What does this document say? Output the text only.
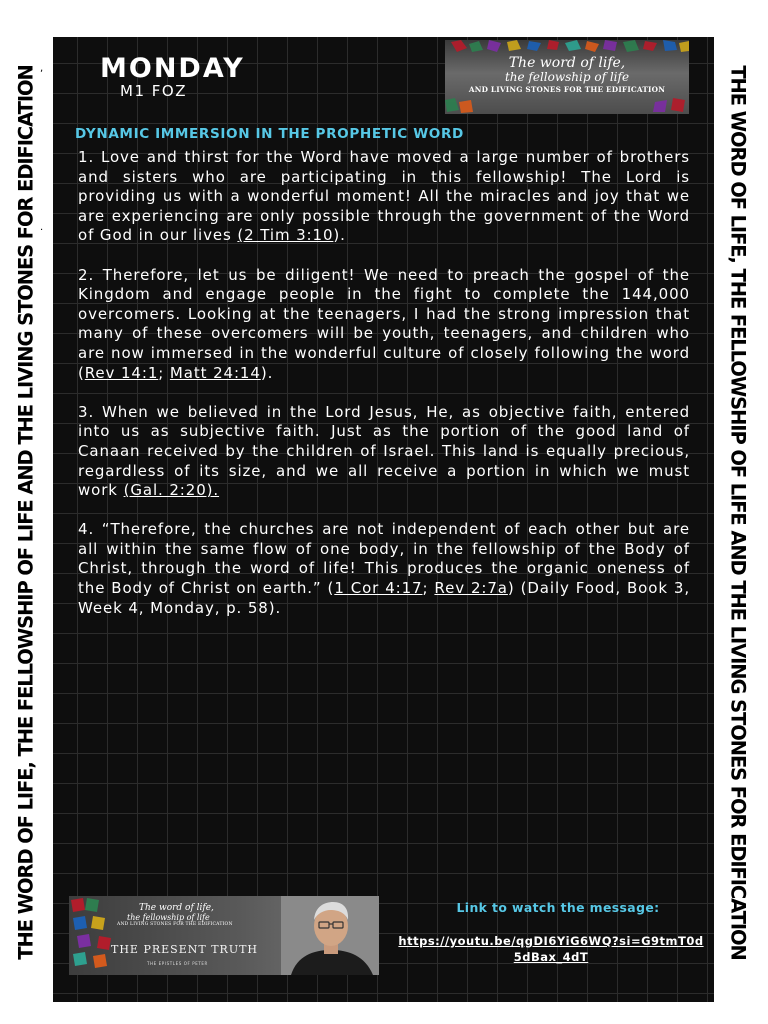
THE WORD OF LIFE, THE FELLOWSHIP OF LIFE AND THE LIVING STONES FOR EDIFICATION ,
.	THE WORD OF LIFE, THE FELLOWSHIP OF LIFE AND THE LIVING STONES FOR EDIFICATION
MONDAY
M1 FOZ
The word of life,
the fellowship of life
AND LIVING STONES FOR THE EDIFICATION
DYNAMIC IMMERSION IN THE PROPHETIC WORD

1. Love and thirst for the Word have moved a large number of brothers and sisters who are participating in this fellowship! The Lord is providing us with a wonderful moment! All the miracles and joy that we are experiencing are only possible through the government of the Word of God in our lives (2 Tim 3:10).

2. Therefore, let us be diligent! We need to preach the gospel of the Kingdom and engage people in the fight to complete the 144,000 overcomers. Looking at the teenagers, I had the strong impression that many of these overcomers will be youth, teenagers, and children who are now immersed in the wonderful culture of closely following the word (Rev 14:1; Matt 24:14).

3. When we believed in the Lord Jesus, He, as objective faith, entered into us as subjective faith. Just as the portion of the good land of Canaan received by the children of Israel. This land is equally precious, regardless of its size, and we all receive a portion in which we must work (Gal. 2:20).

4. “Therefore, the churches are not independent of each other but are all within the same flow of one body, in the fellowship of the Body of Christ, through the word of life! This produces the organic oneness of the Body of Christ on earth.” (1 Cor 4:17; Rev 2:7a) (Daily Food, Book 3, Week 4, Monday, p. 58).

The word of life,
the fellowship of life
AND LIVING STONES FOR THE EDIFICATION
THE PRESENT TRUTH
THE EPISTLES OF PETER
Link to watch the message:
https://youtu.be/qgDI6YiG6WQ?si=G9tmT0d5dBax_4dT
